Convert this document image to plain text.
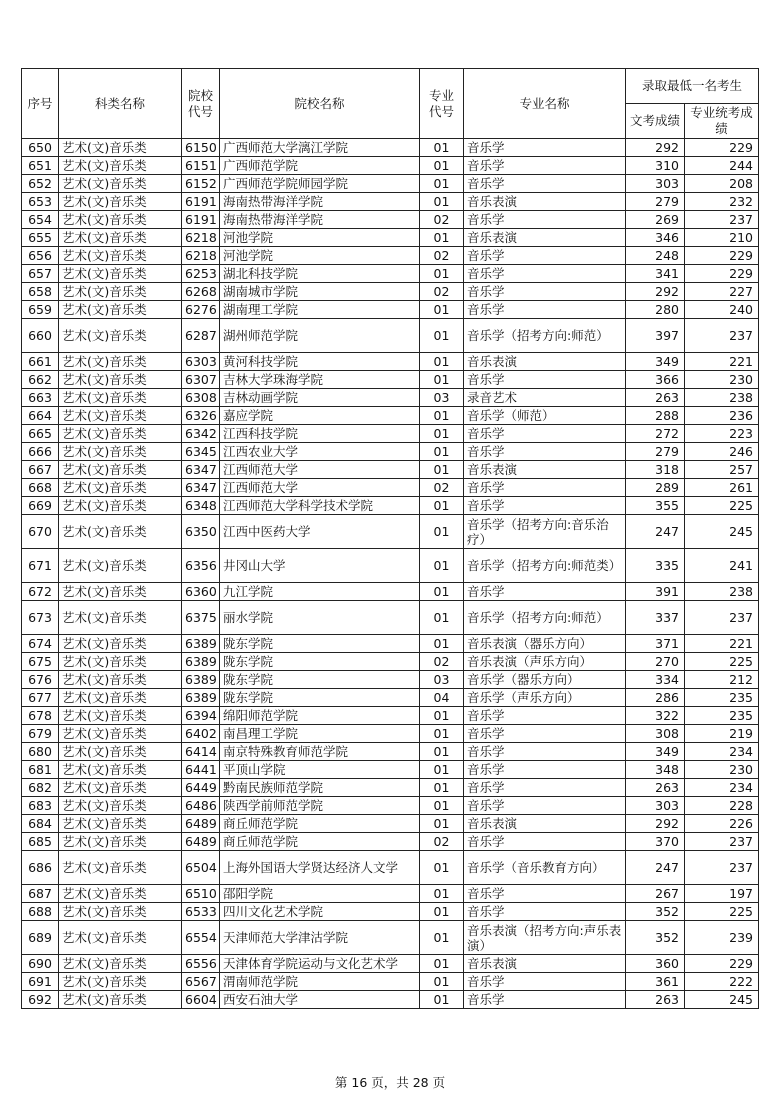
序号	科类名称	院校代号	院校名称	专业代号	专业名称	录取最低一名考生	
						文考成绩	专业统考成绩
650	艺术(文)音乐类	6150	广西师范大学漓江学院	01	音乐学	292	229
651	艺术(文)音乐类	6151	广西师范学院	01	音乐学	310	244
652	艺术(文)音乐类	6152	广西师范学院师园学院	01	音乐学	303	208
653	艺术(文)音乐类	6191	海南热带海洋学院	01	音乐表演	279	232
654	艺术(文)音乐类	6191	海南热带海洋学院	02	音乐学	269	237
655	艺术(文)音乐类	6218	河池学院	01	音乐表演	346	210
656	艺术(文)音乐类	6218	河池学院	02	音乐学	248	229
657	艺术(文)音乐类	6253	湖北科技学院	01	音乐学	341	229
658	艺术(文)音乐类	6268	湖南城市学院	02	音乐学	292	227
659	艺术(文)音乐类	6276	湖南理工学院	01	音乐学	280	240
660	艺术(文)音乐类	6287	湖州师范学院	01	音乐学（招考方向:师范）	397	237
661	艺术(文)音乐类	6303	黄河科技学院	01	音乐表演	349	221
662	艺术(文)音乐类	6307	吉林大学珠海学院	01	音乐学	366	230
663	艺术(文)音乐类	6308	吉林动画学院	03	录音艺术	263	238
664	艺术(文)音乐类	6326	嘉应学院	01	音乐学（师范）	288	236
665	艺术(文)音乐类	6342	江西科技学院	01	音乐学	272	223
666	艺术(文)音乐类	6345	江西农业大学	01	音乐学	279	246
667	艺术(文)音乐类	6347	江西师范大学	01	音乐表演	318	257
668	艺术(文)音乐类	6347	江西师范大学	02	音乐学	289	261
669	艺术(文)音乐类	6348	江西师范大学科学技术学院	01	音乐学	355	225
670	艺术(文)音乐类	6350	江西中医药大学	01	音乐学（招考方向:音乐治疗）	247	245
671	艺术(文)音乐类	6356	井冈山大学	01	音乐学（招考方向:师范类）	335	241
672	艺术(文)音乐类	6360	九江学院	01	音乐学	391	238
673	艺术(文)音乐类	6375	丽水学院	01	音乐学（招考方向:师范）	337	237
674	艺术(文)音乐类	6389	陇东学院	01	音乐表演（器乐方向）	371	221
675	艺术(文)音乐类	6389	陇东学院	02	音乐表演（声乐方向）	270	225
676	艺术(文)音乐类	6389	陇东学院	03	音乐学（器乐方向）	334	212
677	艺术(文)音乐类	6389	陇东学院	04	音乐学（声乐方向）	286	235
678	艺术(文)音乐类	6394	绵阳师范学院	01	音乐学	322	235
679	艺术(文)音乐类	6402	南昌理工学院	01	音乐学	308	219
680	艺术(文)音乐类	6414	南京特殊教育师范学院	01	音乐学	349	234
681	艺术(文)音乐类	6441	平顶山学院	01	音乐学	348	230
682	艺术(文)音乐类	6449	黔南民族师范学院	01	音乐学	263	234
683	艺术(文)音乐类	6486	陕西学前师范学院	01	音乐学	303	228
684	艺术(文)音乐类	6489	商丘师范学院	01	音乐表演	292	226
685	艺术(文)音乐类	6489	商丘师范学院	02	音乐学	370	237
686	艺术(文)音乐类	6504	上海外国语大学贤达经济人文学	01	音乐学（音乐教育方向）	247	237
687	艺术(文)音乐类	6510	邵阳学院	01	音乐学	267	197
688	艺术(文)音乐类	6533	四川文化艺术学院	01	音乐学	352	225
689	艺术(文)音乐类	6554	天津师范大学津沽学院	01	音乐表演（招考方向:声乐表演）	352	239
690	艺术(文)音乐类	6556	天津体育学院运动与文化艺术学	01	音乐表演	360	229
691	艺术(文)音乐类	6567	渭南师范学院	01	音乐学	361	222
692	艺术(文)音乐类	6604	西安石油大学	01	音乐学	263	245
第 16 页，共 28 页
